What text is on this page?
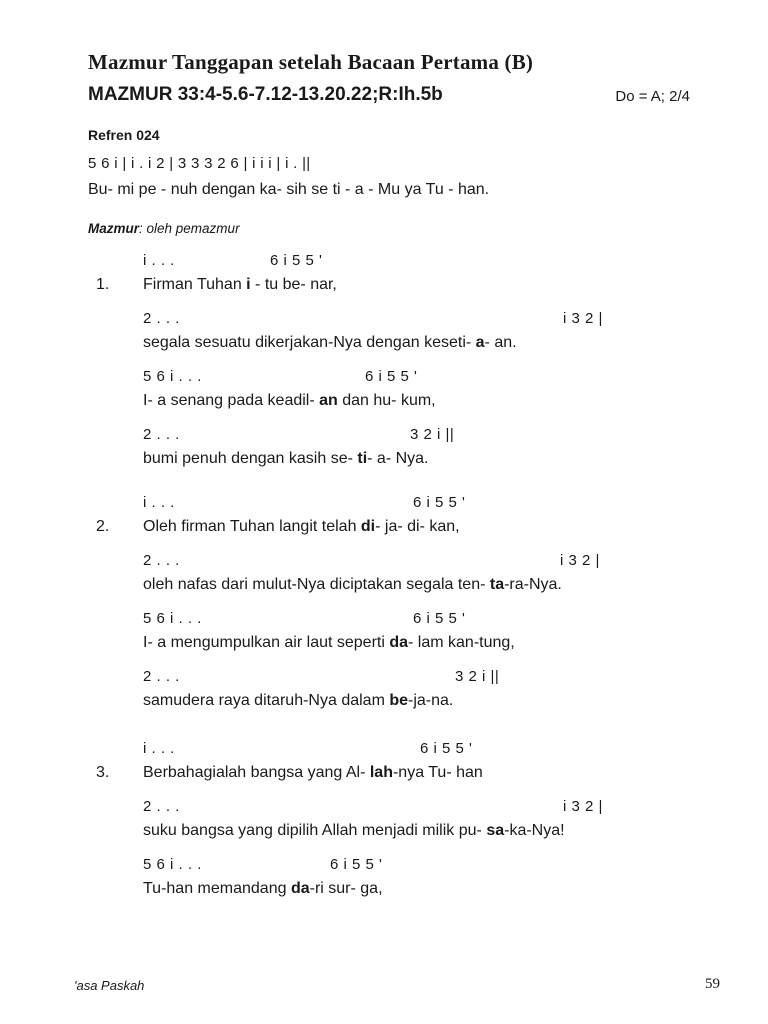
Mazmur Tanggapan setelah Bacaan Pertama (B)
MAZMUR 33:4-5.6-7.12-13.20.22;R:Ih.5b	Do = A; 2/4
Refren 024
5 6 i | i . i 2 | 3 3 3 2 6 | i i i | i . ||
Bu- mi pe - nuh dengan ka- sih se ti - a - Mu ya Tu - han.
Mazmur: oleh pemazmur
i . . .	6 i 5 5 '
1. Firman Tuhan i - tu be- nar,
2 . . .	i 3 2 |
segala sesuatu dikerjakan-Nya dengan keseti- a- an.
5 6 i . . .	6 i 5 5 '
I- a senang pada keadil- an dan hu- kum,
2 . . .	3 2 i ||
bumi penuh dengan kasih se- ti- a- Nya.
i . . .	6 i 5 5 '
2. Oleh firman Tuhan langit telah di- ja- di- kan,
2 . . .	i 3 2 |
oleh nafas dari mulut-Nya diciptakan segala ten- ta-ra-Nya.
5 6 i . . .	6 i 5 5 '
I- a mengumpulkan air laut seperti da- lam kan-tung,
2 . . .	3 2 i ||
samudera raya ditaruh-Nya dalam be-ja-na.
i . . .	6 i 5 5 '
3. Berbahagialah bangsa yang Al- lah-nya Tu- han
2 . . .	i 3 2 |
suku bangsa yang dipilih Allah menjadi milik pu- sa-ka-Nya!
5 6 i . . .	6 i 5 5 '
Tu-han memandang da-ri sur- ga,
'asa Paskah	59
